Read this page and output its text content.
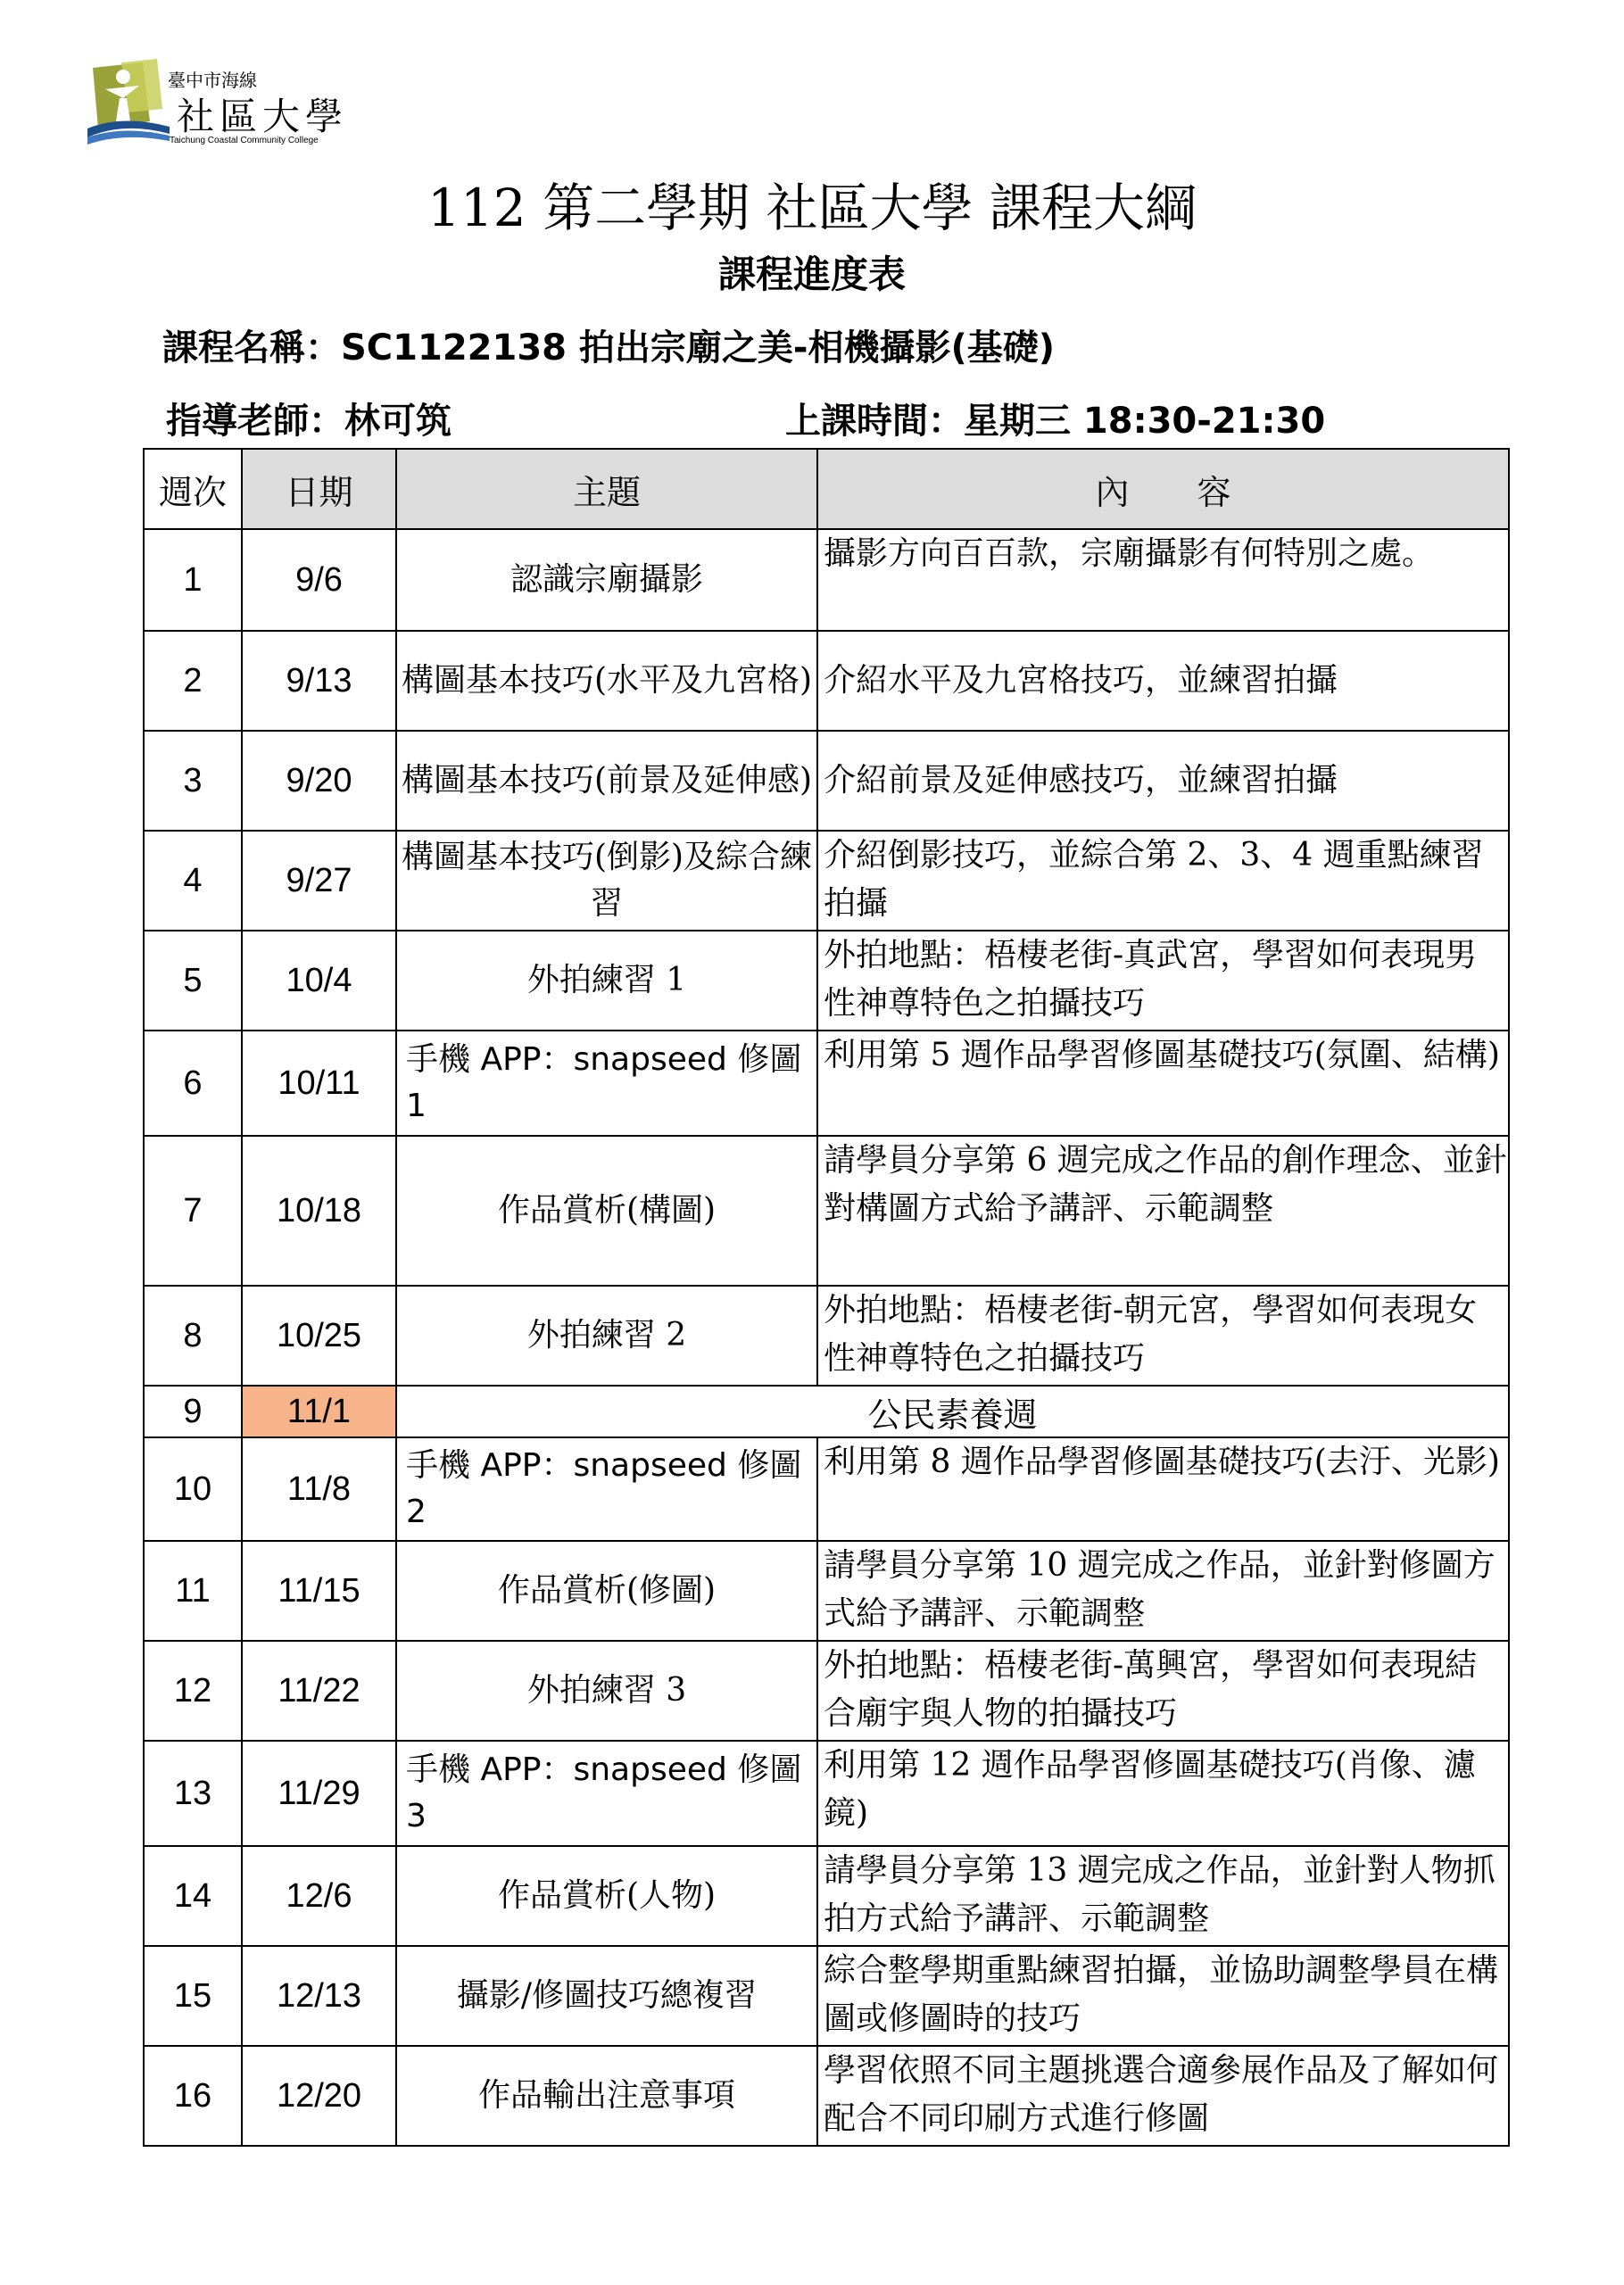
臺中市海線
社區大學
Taichung Coastal Community College
112 第二學期 社區大學 課程大綱
課程進度表
課程名稱：SC1122138 拍出宗廟之美-相機攝影(基礎)
指導老師：林可筑	上課時間：星期三 18:30-21:30
週次	日期	主題	內　　容
1	9/6	認識宗廟攝影	攝影方向百百款，宗廟攝影有何特別之處。
2	9/13	構圖基本技巧(水平及九宮格)	介紹水平及九宮格技巧，並練習拍攝
3	9/20	構圖基本技巧(前景及延伸感)	介紹前景及延伸感技巧，並練習拍攝
4	9/27	構圖基本技巧(倒影)及綜合練習	介紹倒影技巧，並綜合第 2、3、4 週重點練習拍攝
5	10/4	外拍練習 1	外拍地點：梧棲老街-真武宮，學習如何表現男性神尊特色之拍攝技巧
6	10/11	手機 APP：snapseed 修圖 1	利用第 5 週作品學習修圖基礎技巧(氛圍、結構)
7	10/18	作品賞析(構圖)	請學員分享第 6 週完成之作品的創作理念、並針對構圖方式給予講評、示範調整
8	10/25	外拍練習 2	外拍地點：梧棲老街-朝元宮，學習如何表現女性神尊特色之拍攝技巧
9	11/1	公民素養週	
10	11/8	手機 APP：snapseed 修圖 2	利用第 8 週作品學習修圖基礎技巧(去汙、光影)
11	11/15	作品賞析(修圖)	請學員分享第 10 週完成之作品，並針對修圖方式給予講評、示範調整
12	11/22	外拍練習 3	外拍地點：梧棲老街-萬興宮，學習如何表現結合廟宇與人物的拍攝技巧
13	11/29	手機 APP：snapseed 修圖 3	利用第 12 週作品學習修圖基礎技巧(肖像、濾鏡)
14	12/6	作品賞析(人物)	請學員分享第 13 週完成之作品，並針對人物抓拍方式給予講評、示範調整
15	12/13	攝影/修圖技巧總複習	綜合整學期重點練習拍攝，並協助調整學員在構圖或修圖時的技巧
16	12/20	作品輸出注意事項	學習依照不同主題挑選合適參展作品及了解如何配合不同印刷方式進行修圖
